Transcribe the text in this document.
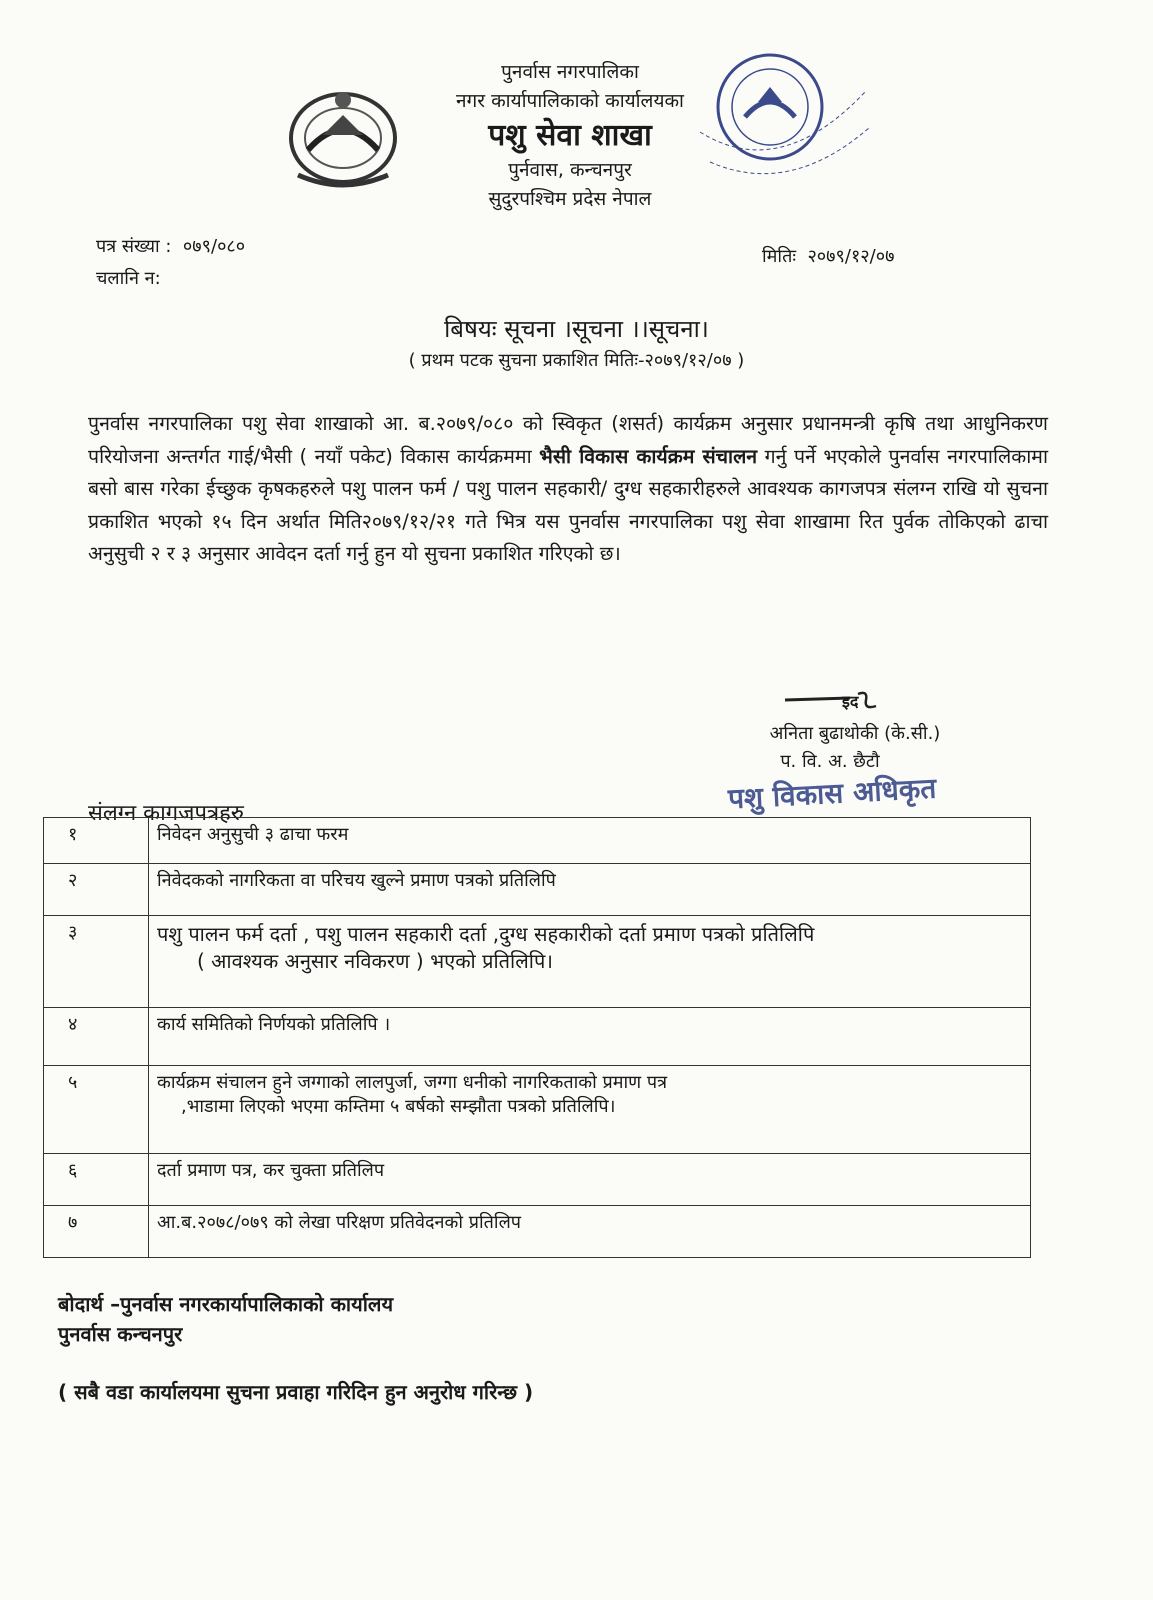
पुनर्वास नगरपालिका
नगर कार्यापालिकाको कार्यालयका
पशु सेवा शाखा
पुर्नवास, कन्चनपुर
सुदुरपश्चिम प्रदेस नेपाल
पत्र संख्या : ०७९/०८०
चलानि न:
मितिः २०७९/१२/०७
बिषयः सूचना ।सूचना ।।सूचना।
( प्रथम पटक सुचना प्रकाशित मितिः-२०७९/१२/०७ )
पुनर्वास नगरपालिका पशु सेवा शाखाको आ. ब.२०७९/०८० को स्विकृत (शसर्त) कार्यक्रम अनुसार प्रधानमन्त्री कृषि तथा आधुनिकरण परियोजना अन्तर्गत गाई/भैसी ( नयाँ पकेट) विकास कार्यक्रममा भैसी विकास कार्यक्रम संचालन गर्नु पर्ने भएकोले पुनर्वास नगरपालिकामा बसो बास गरेका ईच्छुक कृषकहरुले पशु पालन फर्म / पशु पालन सहकारी/ दुग्ध सहकारीहरुले आवश्यक कागजपत्र संलग्न राखि यो सुचना प्रकाशित भएको १५ दिन अर्थात मिति२०७९/१२/२१ गते भित्र यस पुनर्वास नगरपालिका पशु सेवा शाखामा रित पुर्वक तोकिएको ढाचा अनुसुची २ र ३ अनुसार आवेदन दर्ता गर्नु हुन यो सुचना प्रकाशित गरिएको छ।
इद
अनिता बुढाथोकी (के.सी.)
प. वि. अ. छैटौ
पशु विकास अधिकृत
संलग्न कागजपत्रहरु
१	निवेदन अनुसुची ३ ढाचा फरम
२	निवेदकको नागरिकता वा परिचय खुल्ने प्रमाण पत्रको प्रतिलिपि
३	पशु पालन फर्म दर्ता , पशु पालन सहकारी दर्ता ,दुग्ध सहकारीको दर्ता प्रमाण पत्रको प्रतिलिपि
( आवश्यक अनुसार नविकरण ) भएको प्रतिलिपि।

४	कार्य समितिको निर्णयको प्रतिलिपि ।
५	कार्यक्रम संचालन हुने जग्गाको लालपुर्जा, जग्गा धनीको नागरिकताको प्रमाण पत्र
,भाडामा लिएको भएमा कम्तिमा ५ बर्षको सम्झौता पत्रको प्रतिलिपि।

६	दर्ता प्रमाण पत्र, कर चुक्ता प्रतिलिप
७	आ.ब.२०७८/०७९ को लेखा परिक्षण प्रतिवेदनको प्रतिलिप
बोदार्थ –पुनर्वास नगरकार्यापालिकाको कार्यालय
पुनर्वास कन्चनपुर
( सबै वडा कार्यालयमा सुचना प्रवाहा गरिदिन हुन अनुरोध गरिन्छ )
